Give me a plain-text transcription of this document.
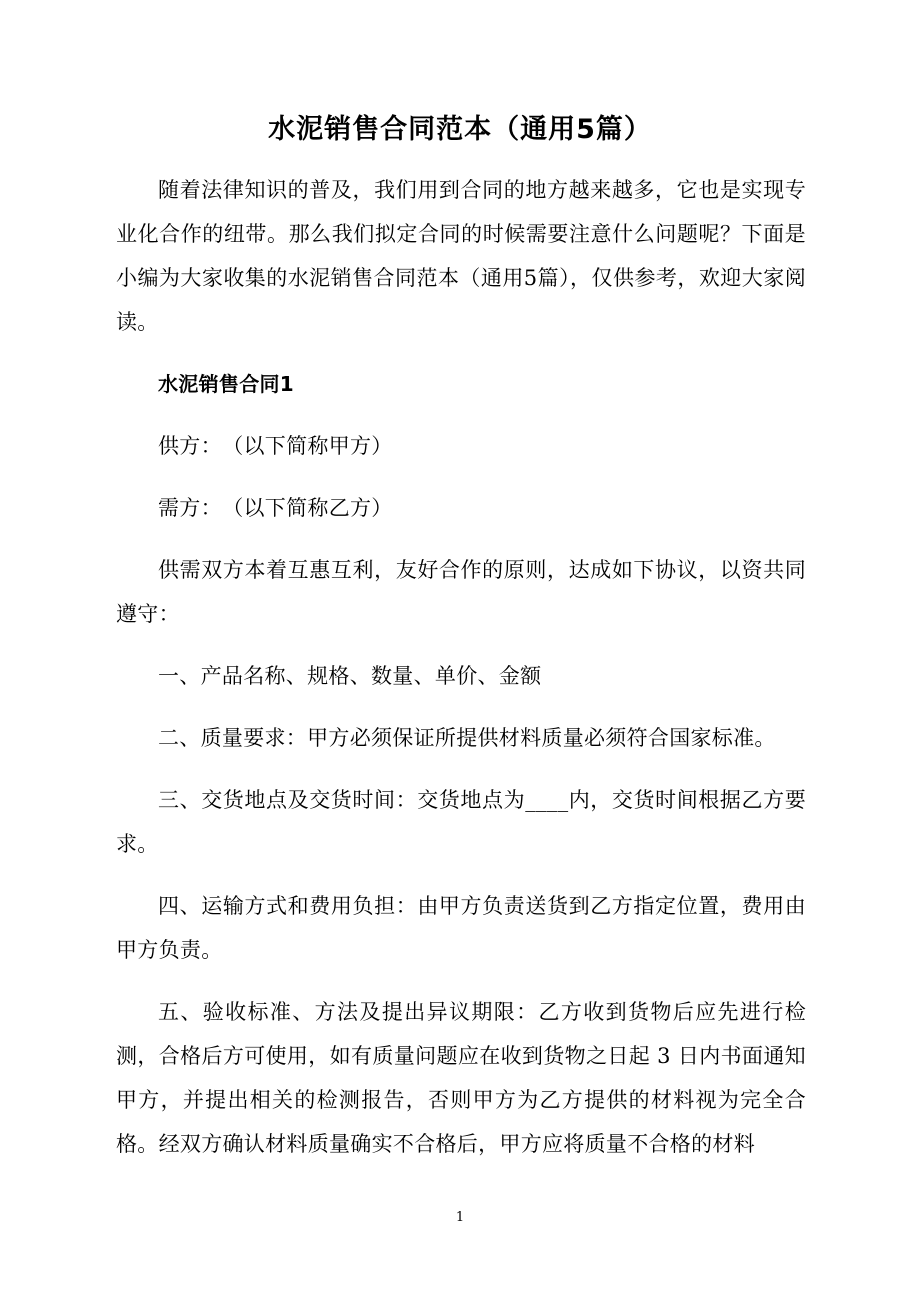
水泥销售合同范本（通用5篇）

随着法律知识的普及，我们用到合同的地方越来越多，它也是实现专业化合作的纽带。那么我们拟定合同的时候需要注意什么问题呢？下面是小编为大家收集的水泥销售合同范本（通用5篇），仅供参考，欢迎大家阅读。

水泥销售合同1

供方：　（以下简称甲方）

需方：　（以下简称乙方）

供需双方本着互惠互利，友好合作的原则，达成如下协议，以资共同遵守：

一、产品名称、规格、数量、单价、金额

二、质量要求：甲方必须保证所提供材料质量必须符合国家标准。

三、交货地点及交货时间：交货地点为____内，交货时间根据乙方要求。

四、运输方式和费用负担：由甲方负责送货到乙方指定位置，费用由甲方负责。

五、验收标准、方法及提出异议期限：乙方收到货物后应先进行检测，合格后方可使用，如有质量问题应在收到货物之日起 3 日内书面通知甲方，并提出相关的检测报告，否则甲方为乙方提供的材料视为完全合格。经双方确认材料质量确实不合格后，甲方应将质量不合格的材料

1
